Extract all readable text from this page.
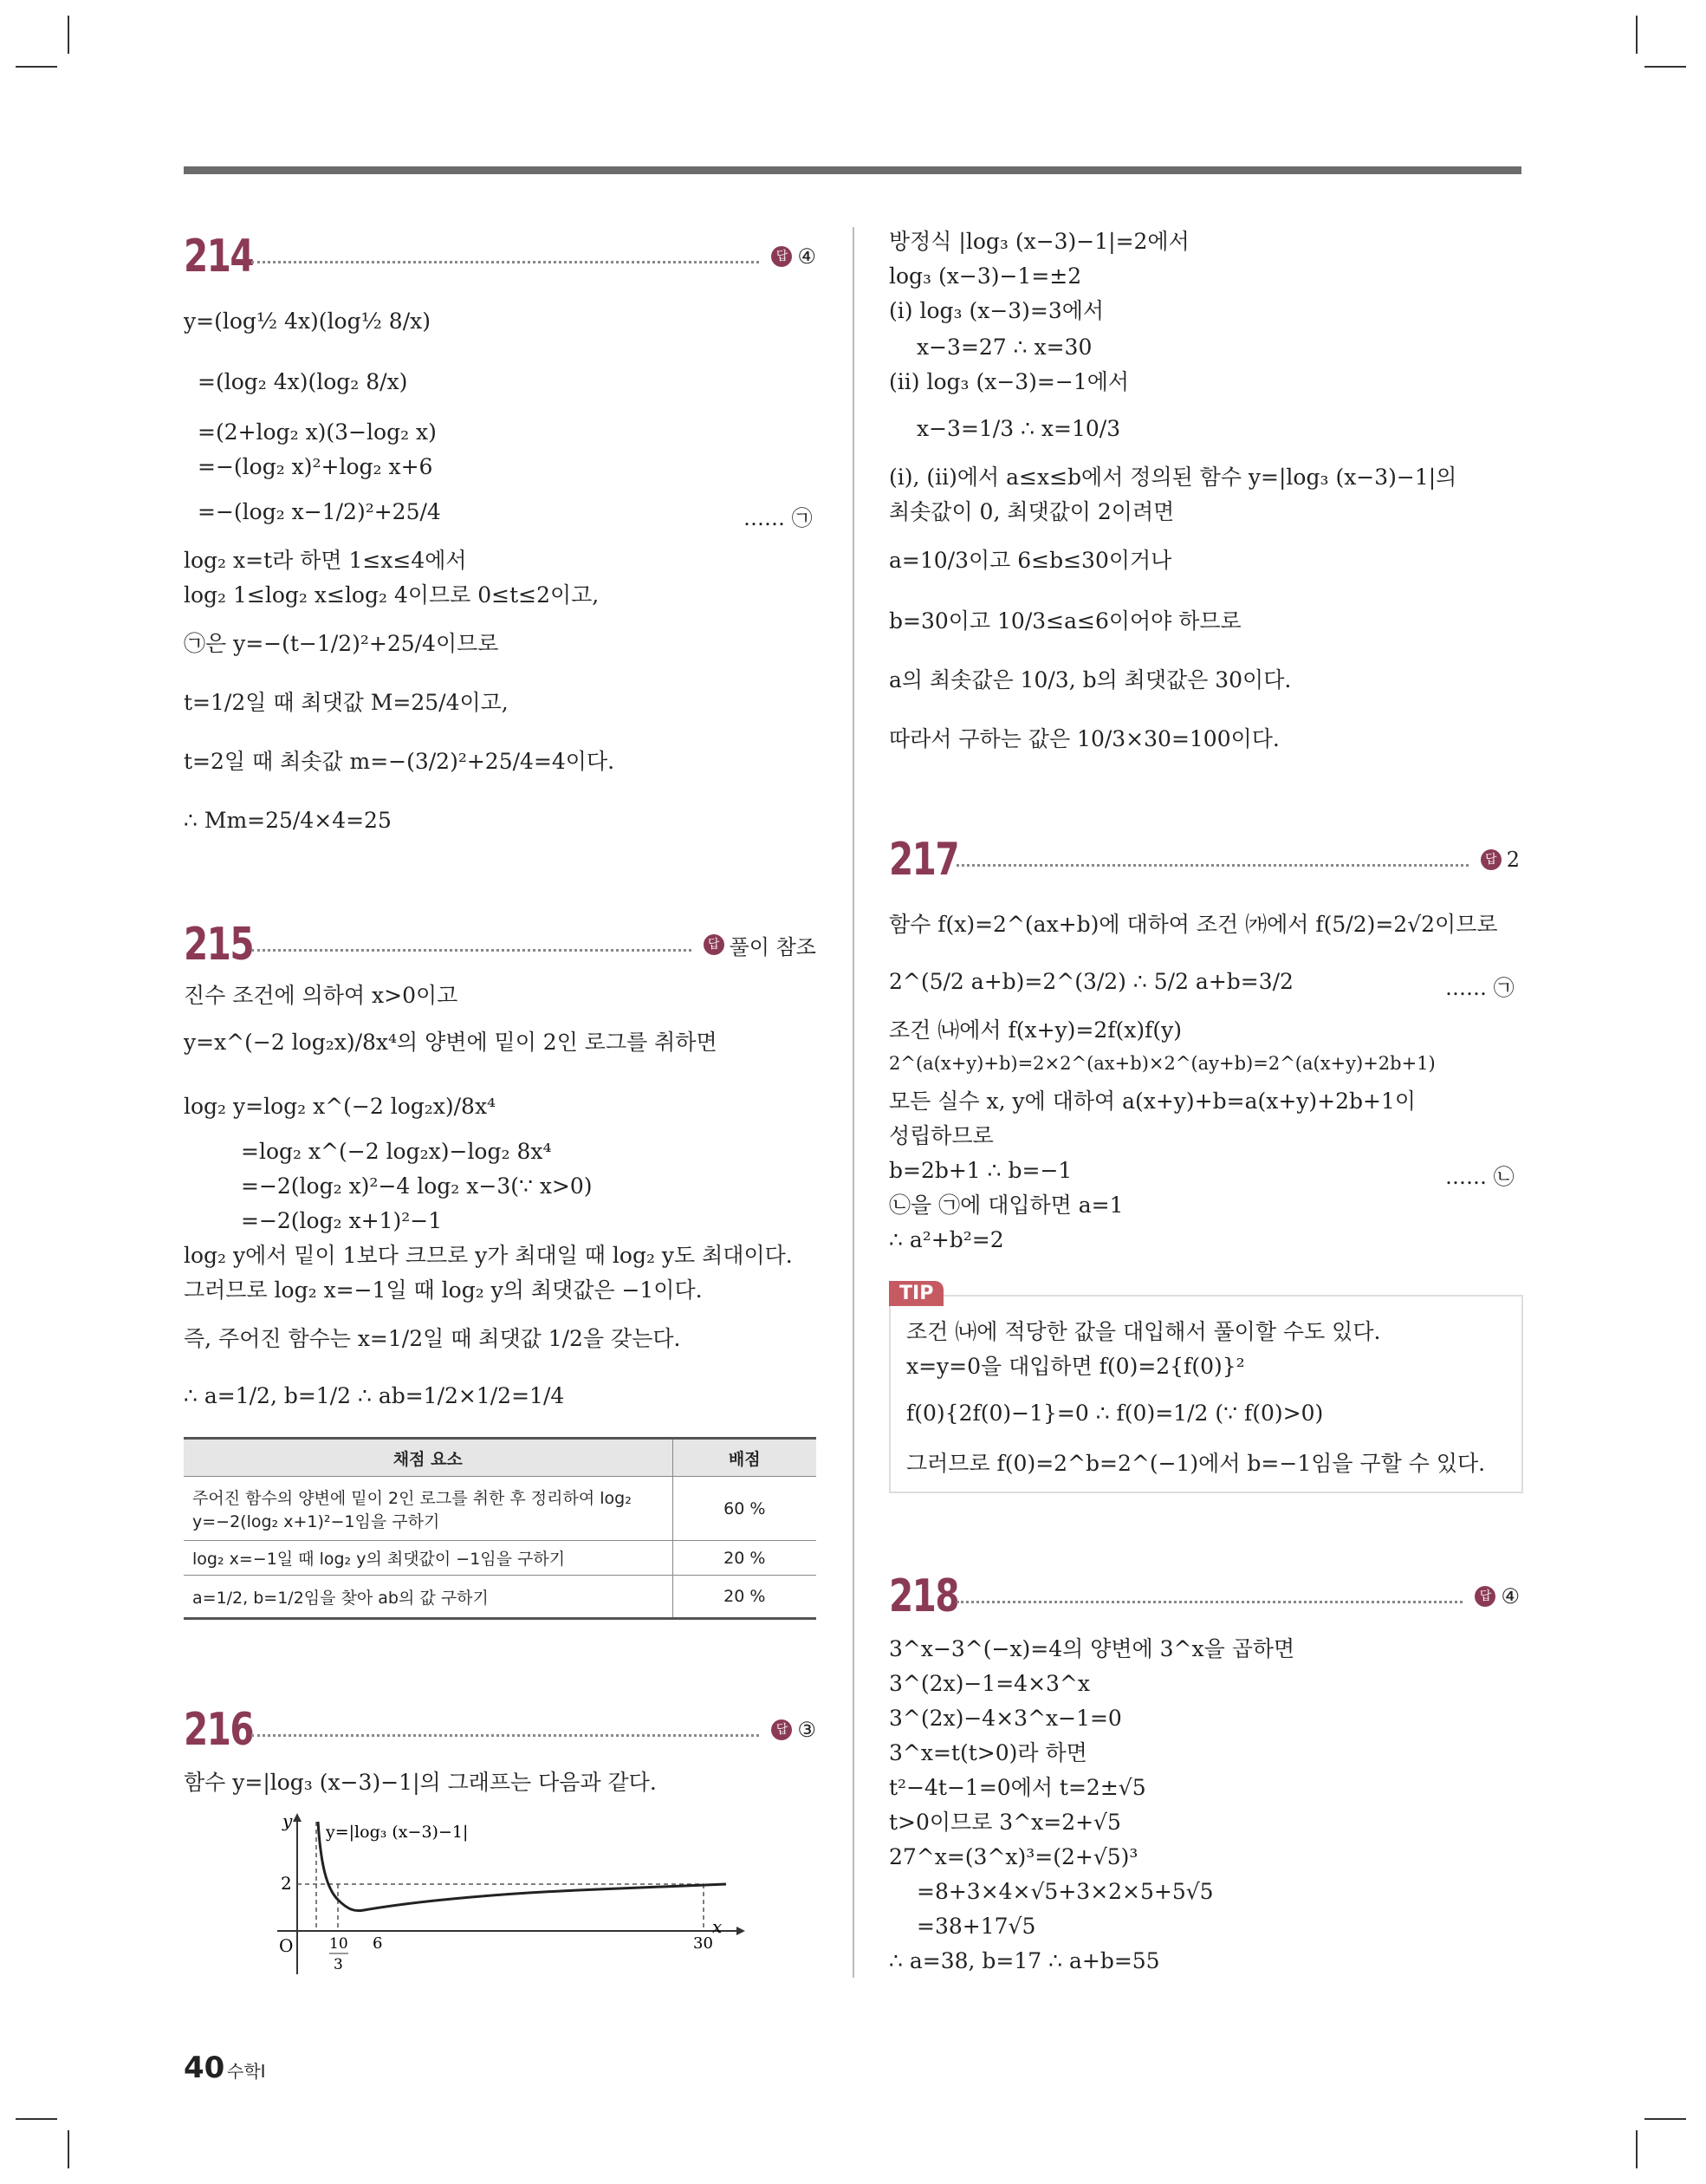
214	답 ④
y=(log½ 4x)(log½ 8/x)
=(log₂ 4x)(log₂ 8/x)
=(2+log₂ x)(3−log₂ x)
=−(log₂ x)²+log₂ x+6
=−(log₂ x−1/2)²+25/4	…… ㉠
log₂ x=t라 하면 1≤x≤4에서
log₂ 1≤log₂ x≤log₂ 4이므로 0≤t≤2이고,
㉠은 y=−(t−1/2)²+25/4이므로
t=1/2일 때 최댓값 M=25/4이고,
t=2일 때 최솟값 m=−(3/2)²+25/4=4이다.
∴ Mm=25/4×4=25
215	답 풀이 참조
진수 조건에 의하여 x>0이고
y=x^(−2 log₂x)/8x⁴의 양변에 밑이 2인 로그를 취하면
log₂ y=log₂ x^(−2 log₂x)/8x⁴
=log₂ x^(−2 log₂x)−log₂ 8x⁴
=−2(log₂ x)²−4 log₂ x−3(∵ x>0)
=−2(log₂ x+1)²−1
log₂ y에서 밑이 1보다 크므로 y가 최대일 때 log₂ y도 최대이다.
그러므로 log₂ x=−1일 때 log₂ y의 최댓값은 −1이다.
즉, 주어진 함수는 x=1/2일 때 최댓값 1/2을 갖는다.
∴ a=1/2, b=1/2 ∴ ab=1/2×1/2=1/4
채점 요소	배점
주어진 함수의 양변에 밑이 2인 로그를 취한 후 정리하여 log₂ y=−2(log₂ x+1)²−1임을 구하기	60 %
log₂ x=−1일 때 log₂ y의 최댓값이 −1임을 구하기	20 %
a=1/2, b=1/2임을 찾아 ab의 값 구하기	20 %
216	답 ③
함수 y=|log₃ (x−3)−1|의 그래프는 다음과 같다.
y
x
O
2
y=|log₃ (x−3)−1|
10
3
6	30
방정식 |log₃ (x−3)−1|=2에서
log₃ (x−3)−1=±2
(ⅰ) log₃ (x−3)=3에서
x−3=27 ∴ x=30
(ⅱ) log₃ (x−3)=−1에서
x−3=1/3 ∴ x=10/3
(ⅰ), (ⅱ)에서 a≤x≤b에서 정의된 함수 y=|log₃ (x−3)−1|의
최솟값이 0, 최댓값이 2이려면
a=10/3이고 6≤b≤30이거나
b=30이고 10/3≤a≤6이어야 하므로
a의 최솟값은 10/3, b의 최댓값은 30이다.
따라서 구하는 값은 10/3×30=100이다.
217	답 2
함수 f(x)=2^(ax+b)에 대하여 조건 ㈎에서 f(5/2)=2√2이므로
2^(5/2 a+b)=2^(3/2) ∴ 5/2 a+b=3/2	…… ㉠
조건 ㈏에서 f(x+y)=2f(x)f(y)
2^(a(x+y)+b)=2×2^(ax+b)×2^(ay+b)=2^(a(x+y)+2b+1)
모든 실수 x, y에 대하여 a(x+y)+b=a(x+y)+2b+1이
성립하므로
b=2b+1 ∴ b=−1	…… ㉡
㉡을 ㉠에 대입하면 a=1
∴ a²+b²=2
TIP
조건 ㈏에 적당한 값을 대입해서 풀이할 수도 있다.
x=y=0을 대입하면 f(0)=2{f(0)}²
f(0){2f(0)−1}=0 ∴ f(0)=1/2 (∵ f(0)>0)
그러므로 f(0)=2^b=2^(−1)에서 b=−1임을 구할 수 있다.
218	답 ④
3^x−3^(−x)=4의 양변에 3^x을 곱하면
3^(2x)−1=4×3^x
3^(2x)−4×3^x−1=0
3^x=t(t>0)라 하면
t²−4t−1=0에서 t=2±√5
t>0이므로 3^x=2+√5
27^x=(3^x)³=(2+√5)³
=8+3×4×√5+3×2×5+5√5
=38+17√5
∴ a=38, b=17 ∴ a+b=55
40 수학Ⅰ
